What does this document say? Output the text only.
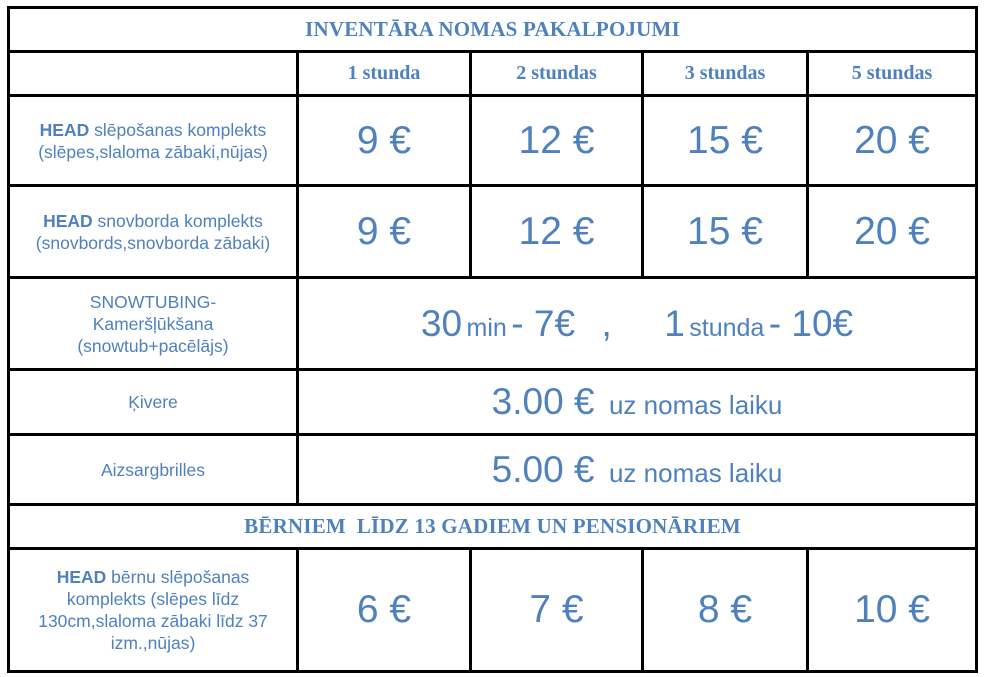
INVENTĀRA NOMAS PAKALPOJUMI				
	1 stunda	2 stundas	3 stundas	5 stundas
HEAD slēpošanas komplekts
(slēpes,slaloma zābaki,nūjas)	9 €	12 €	15 €	20 €
HEAD snovborda komplekts
(snovbords,snovborda zābaki)	9 €	12 €	15 €	20 €
SNOWTUBING-
Kameršļūkšana
(snowtub+pacēlājs)	30 min - 7€ , 1 stunda - 10€			
Ķivere	3.00 € uz nomas laiku			
Aizsargbrilles	5.00 € uz nomas laiku			
BĒRNIEM  LĪDZ 13 GADIEM UN PENSIONĀRIEM				
HEAD bērnu slēpošanas
komplekts (slēpes līdz
130cm,slaloma zābaki līdz 37
izm.,nūjas)	6 €	7 €	8 €	10 €
